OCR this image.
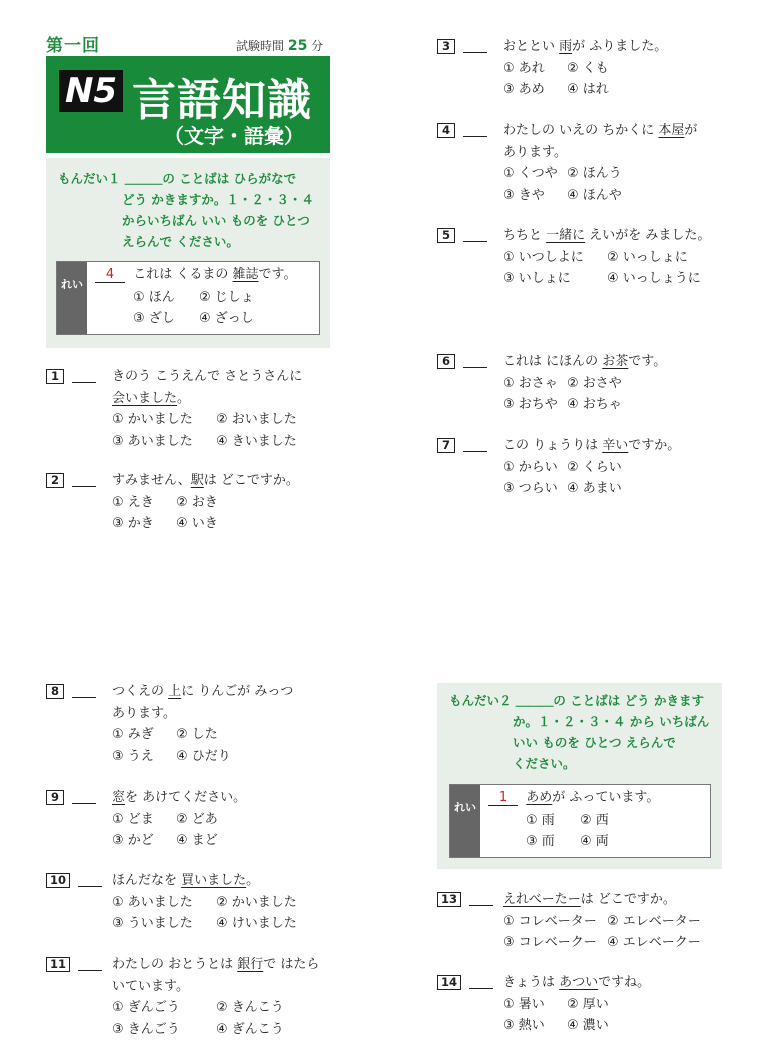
第一回	試験時間 25 分
N5 言語知識
（文字・語彙）
もんだい１ ＿＿＿の ことばは ひらがなで
どう かきますか。１・２・３・４
からいちばん いい ものを ひとつ
えらんで ください。
れい
4 これは くるまの 雑誌です。
① ほん ② じしょ
③ ざし ④ ざっし
もんだい２ ＿＿＿の ことばは どう かきます
か。１・２・３・４ から いちばん
いい ものを ひとつ えらんで
ください。
れい
1 あめが ふっています。
① 雨 ② 西
③ 而 ④ 両
1	きのう こうえんで さとうさんに
会いました。
① かいました ② おいました
③ あいました ④ きいました
2	すみません、駅は どこですか。
① えき ② おき
③ かき ④ いき
3	おととい 雨が ふりました。
① あれ ② くも
③ あめ ④ はれ
4	わたしの いえの ちかくに 本屋が
あります。
① くつや ② ほんう
③ きや ④ ほんや
5	ちちと 一緒に えいがを みました。
① いつしよに ② いっしょに
③ いしょに	④ いっしょうに
6	これは にほんの お茶です。
① おさゃ ② おさや
③ おちや ④ おちゃ
7	この りょうりは 辛いですか。
① からい ② くらい
③ つらい ④ あまい
8	つくえの 上に りんごが みっつ
あります。
① みぎ ② した
③ うえ ④ ひだり
9	窓を あけてください。
① どま ② どあ
③ かど ④ まど
10	ほんだなを 買いました。
① あいました ② かいました
③ ういました ④ けいました
11	わたしの おとうとは 銀行で はたら
いています。
① ぎんごう	② きんこう
③ きんごう	④ ぎんこう
13	えれべーたーは どこですか。
① コレベーター ② エレベーター
③ コレベークー ④ エレベークー
14	きょうは あついですね。
① 暑い ② 厚い
③ 熱い ④ 濃い
